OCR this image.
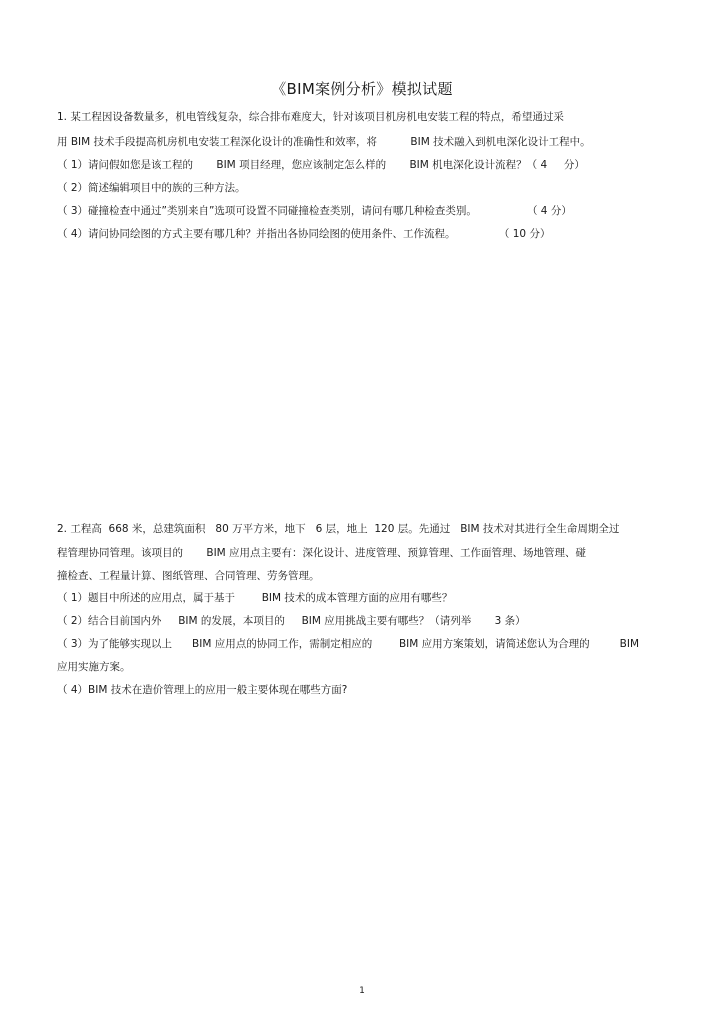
《BIM案例分析》模拟试题
1. 某工程因设备数量多，机电管线复杂，综合排布难度大，针对该项目机房机电安装工程的特点，希望通过采
用 BIM 技术手段提高机房机电安装工程深化设计的准确性和效率，将          BIM 技术融入到机电深化设计工程中。
（ 1）请问假如您是该工程的       BIM 项目经理，您应该制定怎么样的       BIM 机电深化设计流程？（ 4     分）
（ 2）简述编辑项目中的族的三种方法。
（ 3）碰撞检查中通过”类别来自”选项可设置不同碰撞检查类别，请问有哪几种检查类别。               （ 4 分）
（ 4）请问协同绘图的方式主要有哪几种？并指出各协同绘图的使用条件、工作流程。             （ 10 分）
2. 工程高  668 米，总建筑面积   80 万平方米，地下   6 层，地上  120 层。先通过   BIM 技术对其进行全生命周期全过
程管理协同管理。该项目的       BIM 应用点主要有：深化设计、进度管理、预算管理、工作面管理、场地管理、碰
撞检查、工程量计算、图纸管理、合同管理、劳务管理。
（ 1）题目中所述的应用点，属于基于        BIM 技术的成本管理方面的应用有哪些？
（ 2）结合目前国内外     BIM 的发展，本项目的     BIM 应用挑战主要有哪些？（请列举       3 条）
（ 3）为了能够实现以上      BIM 应用点的协同工作，需制定相应的        BIM 应用方案策划，请简述您认为合理的         BIM
应用实施方案。
（ 4）BIM 技术在造价管理上的应用一般主要体现在哪些方面?
1
